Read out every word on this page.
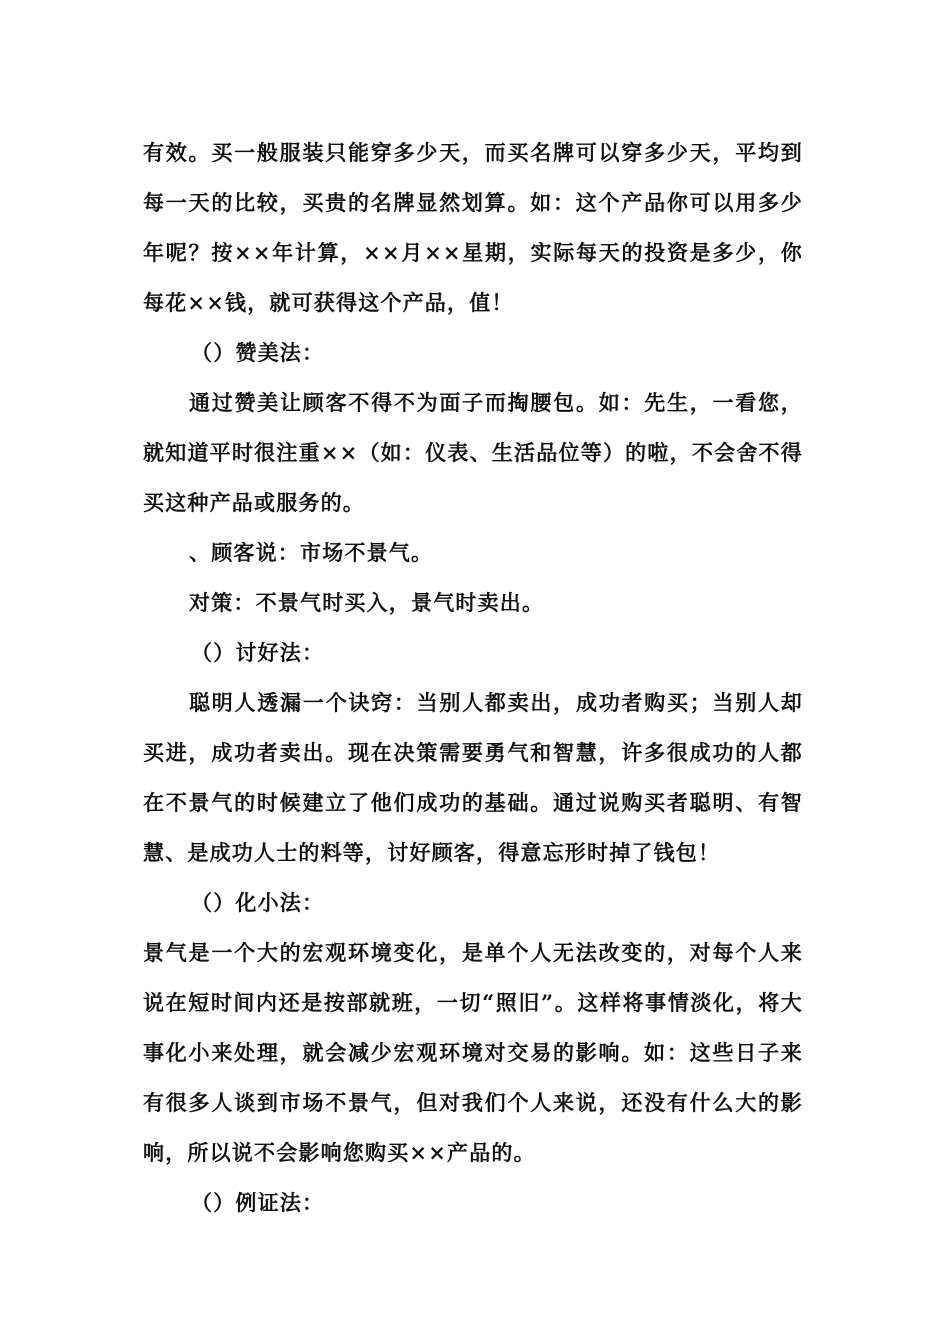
有效。买一般服装只能穿多少天，而买名牌可以穿多少天，平均到每一天的比较，买贵的名牌显然划算。如：这个产品你可以用多少年呢？按××年计算，××月××星期，实际每天的投资是多少，你每花××钱，就可获得这个产品，值！

（）赞美法：

通过赞美让顾客不得不为面子而掏腰包。如：先生，一看您，就知道平时很注重××（如：仪表、生活品位等）的啦，不会舍不得买这种产品或服务的。

、顾客说：市场不景气。

对策：不景气时买入，景气时卖出。

（）讨好法：

聪明人透漏一个诀窍：当别人都卖出，成功者购买；当别人却买进，成功者卖出。现在决策需要勇气和智慧，许多很成功的人都在不景气的时候建立了他们成功的基础。通过说购买者聪明、有智慧、是成功人士的料等，讨好顾客，得意忘形时掉了钱包！

（）化小法：

景气是一个大的宏观环境变化，是单个人无法改变的，对每个人来说在短时间内还是按部就班，一切“照旧”。这样将事情淡化，将大事化小来处理，就会减少宏观环境对交易的影响。如：这些日子来有很多人谈到市场不景气，但对我们个人来说，还没有什么大的影响，所以说不会影响您购买××产品的。

（）例证法：
